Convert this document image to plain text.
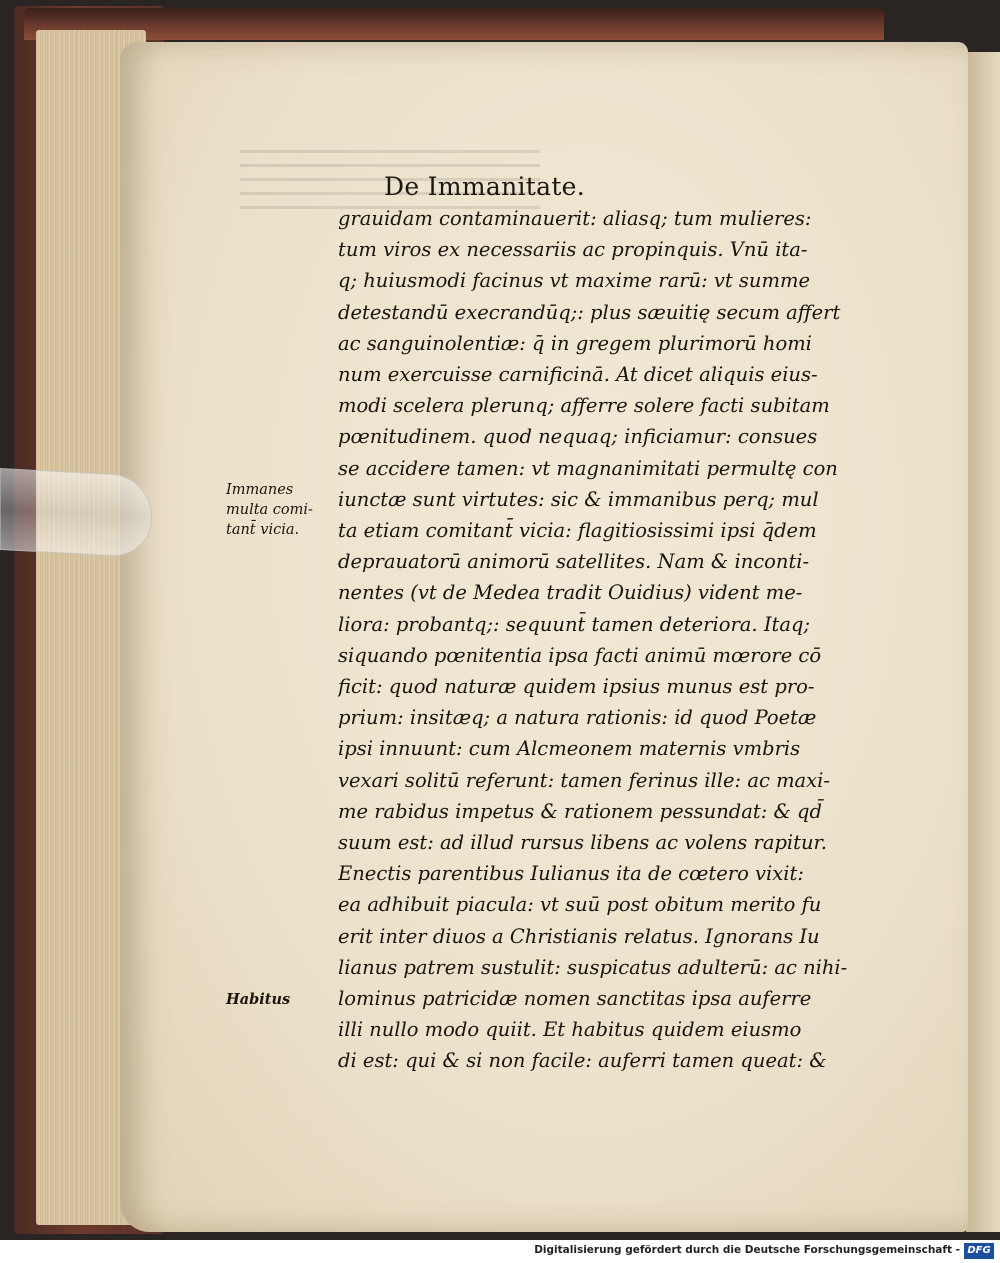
De Immanitate.
grauidam contaminauerit: aliasq; tum mulieres:
tum viros ex necessariis ac propinquis. Vnū ita-
q; huiusmodi facinus vt maxime rarū: vt summe
detestandū execrandūq;: plus sæuitię secum affert
ac sanguinolentiæ: q̄ in gregem plurimorū homi
num exercuisse carnificinā. At dicet aliquis eius-
modi scelera plerunq; afferre solere facti subitam
pœnitudinem. quod nequaq; inficiamur: consues
se accidere tamen: vt magnanimitati permultę con
iunctæ sunt virtutes: sic & immanibus perq; mul
ta etiam comitant̄ vicia: flagitiosissimi ipsi q̄dem
deprauatorū animorū satellites. Nam & inconti-
nentes (vt de Medea tradit Ouidius) vident me-
liora: probantq;: sequunt̄ tamen deteriora. Itaq;
siquando pœnitentia ipsa facti animū mœrore cō
ficit: quod naturæ quidem ipsius munus est pro-
prium: insitæq; a natura rationis: id quod Poetæ
ipsi innuunt: cum Alcmeonem maternis vmbris
vexari solitū referunt: tamen ferinus ille: ac maxi-
me rabidus impetus & rationem pessundat: & qd̄
suum est: ad illud rursus libens ac volens rapitur.
Enectis parentibus Iulianus ita de cœtero vixit:
ea adhibuit piacula: vt suū post obitum merito fu
erit inter diuos a Christianis relatus. Ignorans Iu
lianus patrem sustulit: suspicatus adulterū: ac nihi-
lominus patricidæ nomen sanctitas ipsa auferre
illi nullo modo quiit. Et habitus quidem eiusmo
di est: qui & si non facile: auferri tamen queat: &
Immanes
multa comi-
tant̄ vicia.
Habitus
Digitalisierung gefördert durch die Deutsche Forschungsgemeinschaft - DFG
